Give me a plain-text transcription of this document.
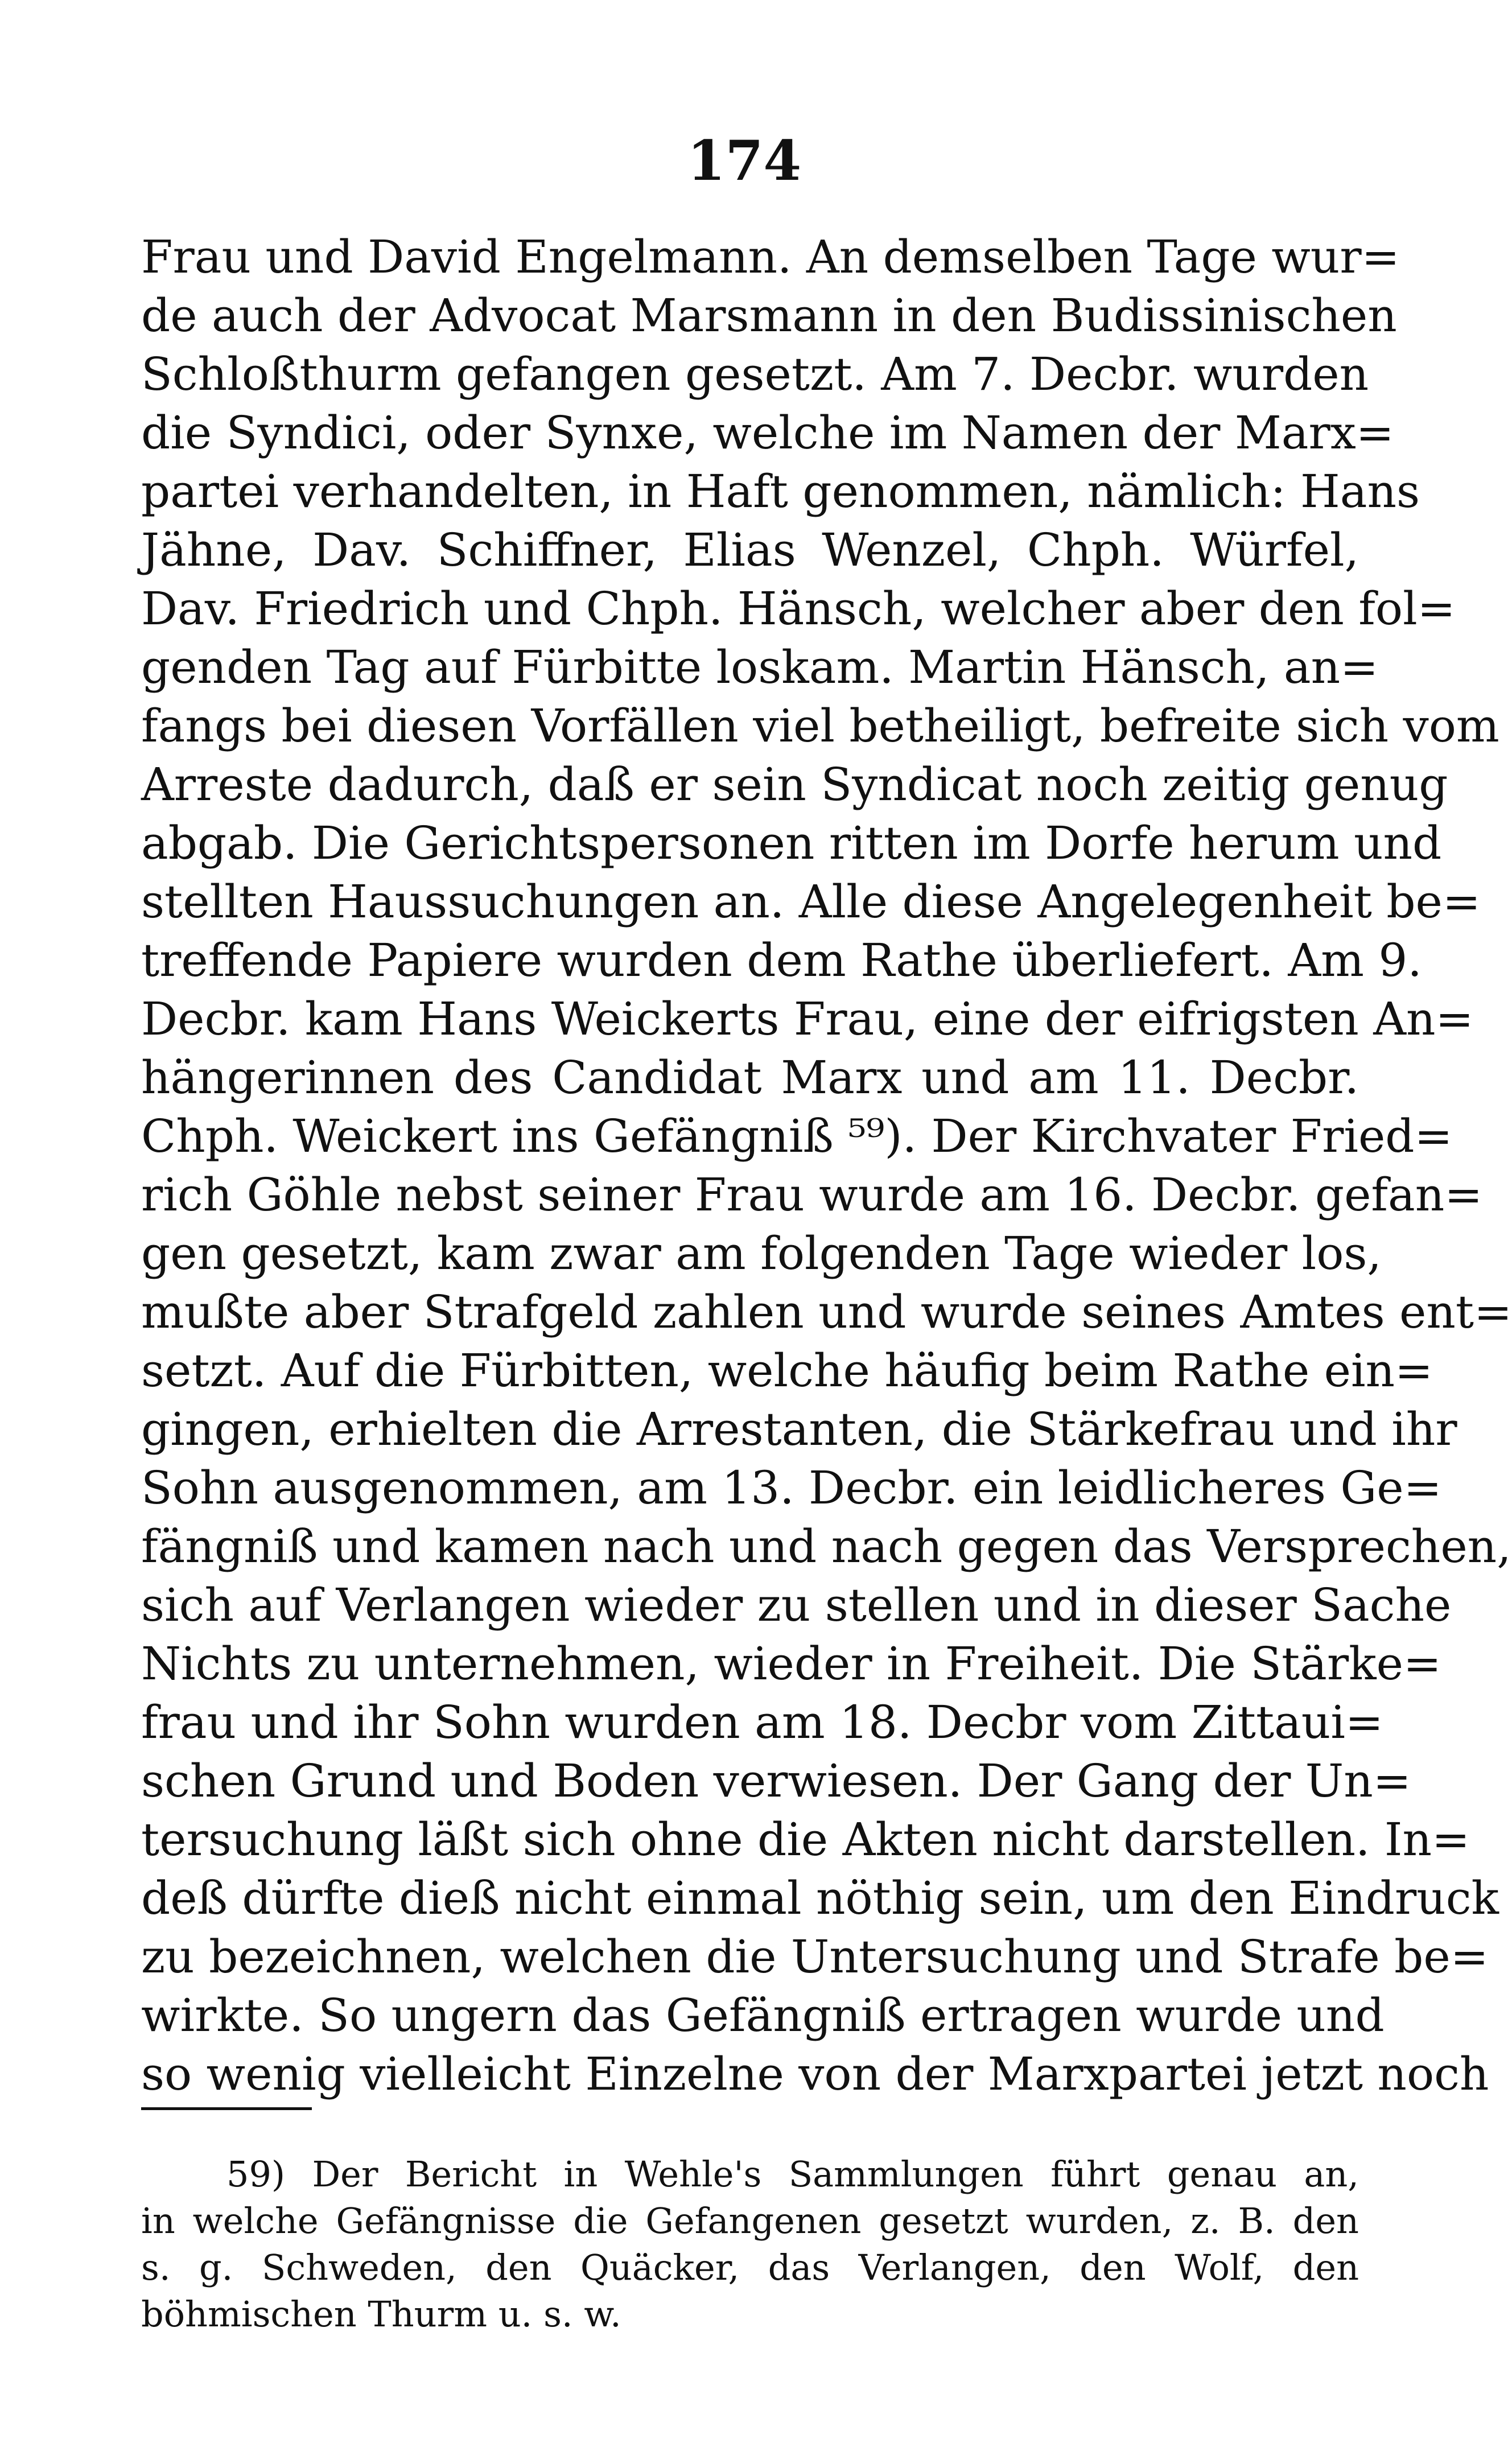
174
Frau und David Engelmann. An demselben Tage wur=
de auch der Advocat Marsmann in den Budissinischen
Schloßthurm gefangen gesetzt. Am 7. Decbr. wurden
die Syndici, oder Synxe, welche im Namen der Marx=
partei verhandelten, in Haft genommen, nämlich: Hans
Jähne, Dav. Schiffner, Elias Wenzel, Chph. Würfel,
Dav. Friedrich und Chph. Hänsch, welcher aber den fol=
genden Tag auf Fürbitte loskam. Martin Hänsch, an=
fangs bei diesen Vorfällen viel betheiligt, befreite sich vom
Arreste dadurch, daß er sein Syndicat noch zeitig genug
abgab. Die Gerichtspersonen ritten im Dorfe herum und
stellten Haussuchungen an. Alle diese Angelegenheit be=
treffende Papiere wurden dem Rathe überliefert. Am 9.
Decbr. kam Hans Weickerts Frau, eine der eifrigsten An=
hängerinnen des Candidat Marx und am 11. Decbr.
Chph. Weickert ins Gefängniß ⁵⁹). Der Kirchvater Fried=
rich Göhle nebst seiner Frau wurde am 16. Decbr. gefan=
gen gesetzt, kam zwar am folgenden Tage wieder los,
mußte aber Strafgeld zahlen und wurde seines Amtes ent=
setzt. Auf die Fürbitten, welche häufig beim Rathe ein=
gingen, erhielten die Arrestanten, die Stärkefrau und ihr
Sohn ausgenommen, am 13. Decbr. ein leidlicheres Ge=
fängniß und kamen nach und nach gegen das Versprechen,
sich auf Verlangen wieder zu stellen und in dieser Sache
Nichts zu unternehmen, wieder in Freiheit. Die Stärke=
frau und ihr Sohn wurden am 18. Decbr vom Zittaui=
schen Grund und Boden verwiesen. Der Gang der Un=
tersuchung läßt sich ohne die Akten nicht darstellen. In=
deß dürfte dieß nicht einmal nöthig sein, um den Eindruck
zu bezeichnen, welchen die Untersuchung und Strafe be=
wirkte. So ungern das Gefängniß ertragen wurde und
so wenig vielleicht Einzelne von der Marxpartei jetzt noch
59) Der Bericht in Wehle's Sammlungen führt genau an,
in welche Gefängnisse die Gefangenen gesetzt wurden, z. B. den
s. g. Schweden, den Quäcker, das Verlangen, den Wolf, den
böhmischen Thurm u. s. w.
